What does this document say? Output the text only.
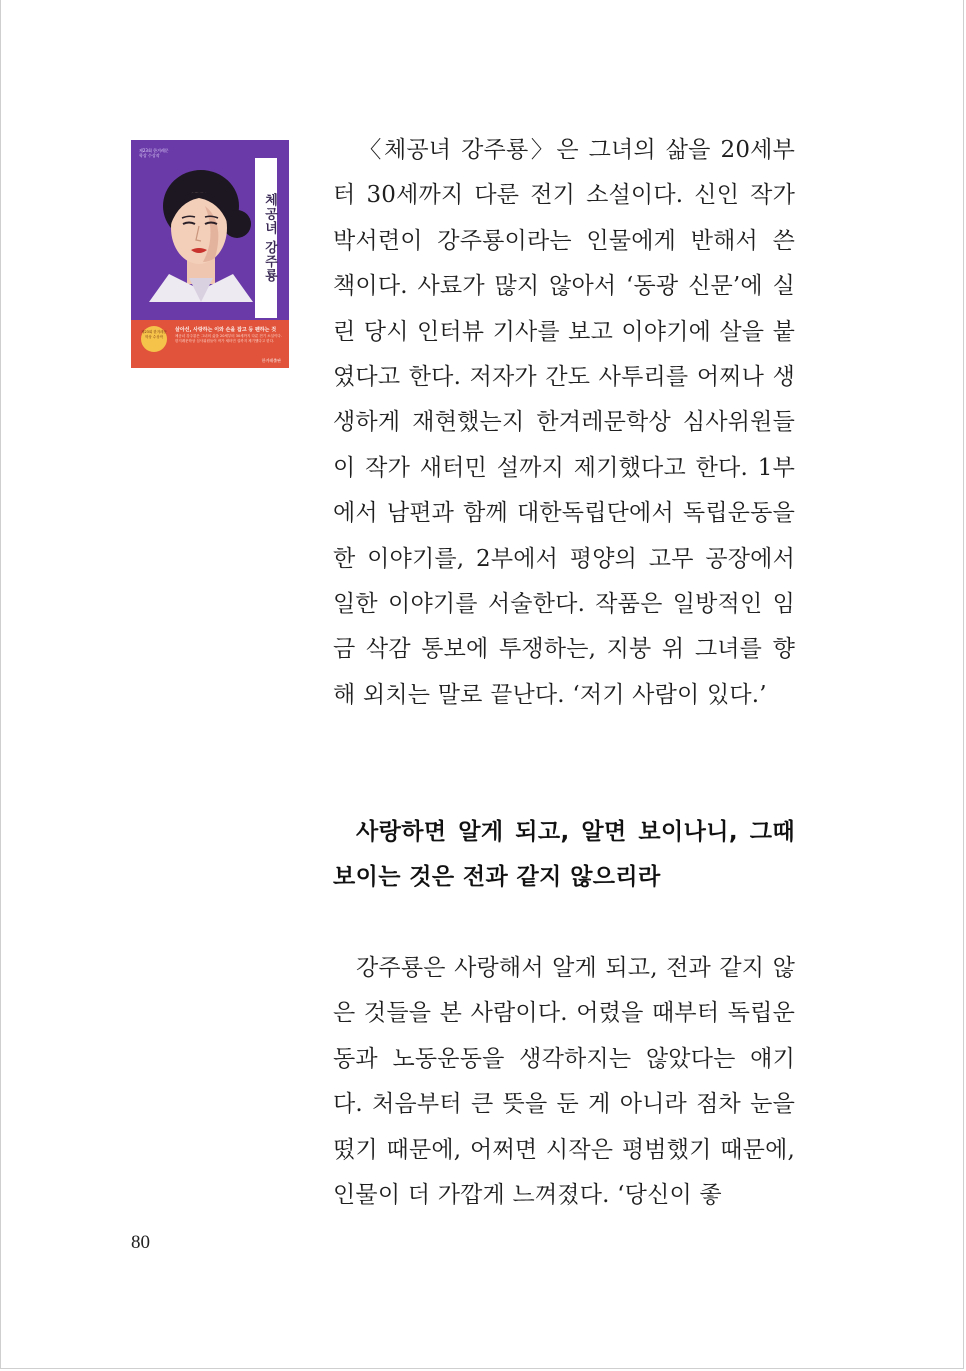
제23회 한겨레문학상 수상작
체공녀 강주룡
제23회 한겨레문학상 수상작
살아선, 사랑하는 이와 손을 잡고 등 펜하는 것
체공녀 강주룡은 그녀의 삶을 20세부터 30세까지 다룬 전기 소설이다. 한겨레문학상 심사위원들이 작가 새터민 설까지 제기했다고 한다.
한겨레출판
〈체공녀 강주룡〉은 그녀의 삶을 20세부터 30세까지 다룬 전기 소설이다. 신인 작가 박서련이 강주룡이라는 인물에게 반해서 쓴 책이다. 사료가 많지 않아서 ‘동광 신문’에 실린 당시 인터뷰 기사를 보고 이야기에 살을 붙였다고 한다. 저자가 간도 사투리를 어찌나 생생하게 재현했는지 한겨레문학상 심사위원들이 작가 새터민 설까지 제기했다고 한다. 1부에서 남편과 함께 대한독립단에서 독립운동을 한 이야기를, 2부에서 평양의 고무 공장에서 일한 이야기를 서술한다. 작품은 일방적인 임금 삭감 통보에 투쟁하는, 지붕 위 그녀를 향해 외치는 말로 끝난다. ‘저기 사람이 있다.’
사랑하면 알게 되고, 알면 보이나니, 그때 보이는 것은 전과 같지 않으리라
강주룡은 사랑해서 알게 되고, 전과 같지 않은 것들을 본 사람이다. 어렸을 때부터 독립운동과 노동운동을 생각하지는 않았다는 얘기다. 처음부터 큰 뜻을 둔 게 아니라 점차 눈을 떴기 때문에, 어쩌면 시작은 평범했기 때문에, 인물이 더 가깝게 느껴졌다. ‘당신이 좋
80
